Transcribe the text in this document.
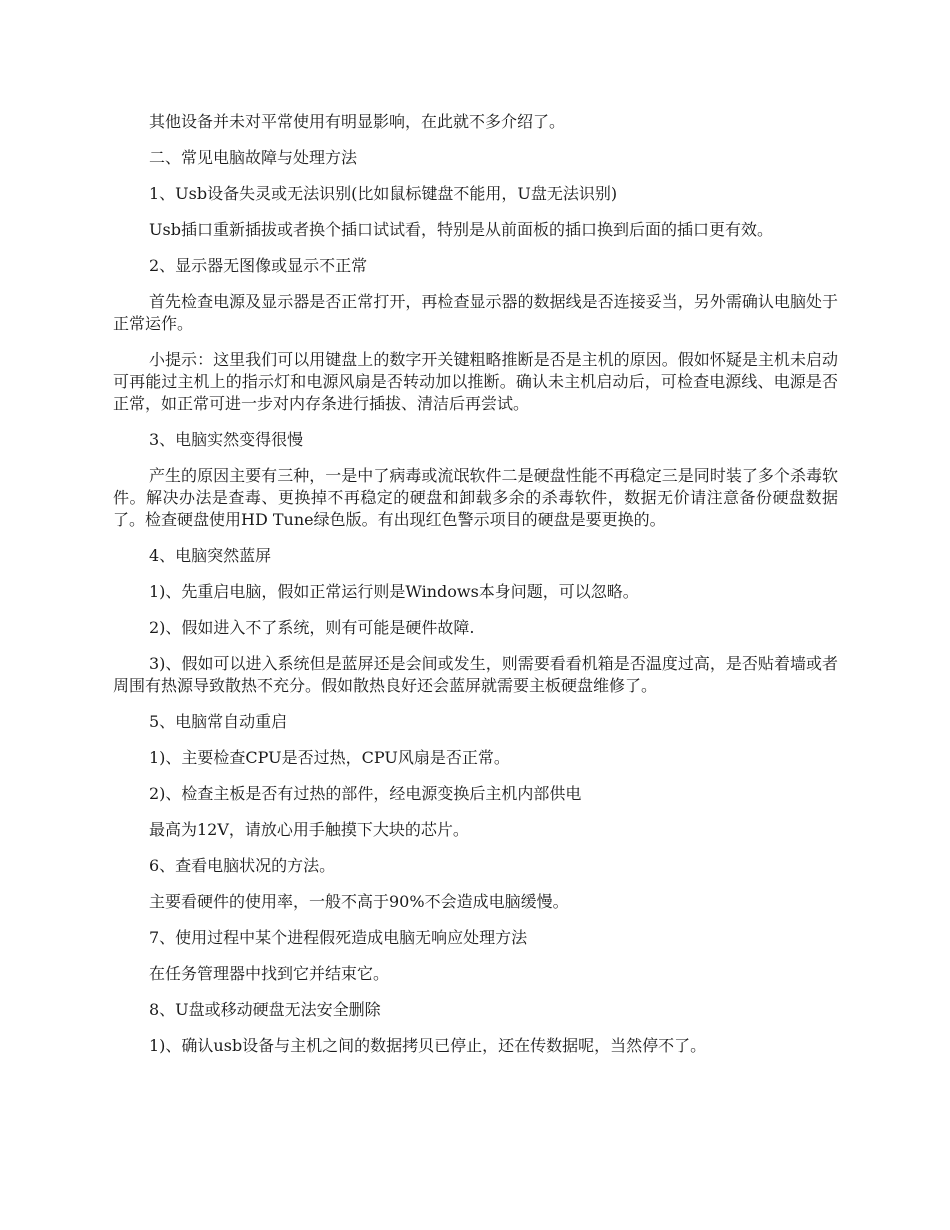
其他设备并未对平常使用有明显影响，在此就不多介绍了。

二、常见电脑故障与处理方法

1、Usb设备失灵或无法识别(比如鼠标键盘不能用，U盘无法识别)

Usb插口重新插拔或者换个插口试试看，特别是从前面板的插口换到后面的插口更有效。

2、显示器无图像或显示不正常

首先检查电源及显示器是否正常打开，再检查显示器的数据线是否连接妥当，另外需确认电脑处于正常运作。

小提示：这里我们可以用键盘上的数字开关键粗略推断是否是主机的原因。假如怀疑是主机未启动可再能过主机上的指示灯和电源风扇是否转动加以推断。确认未主机启动后，可检查电源线、电源是否正常，如正常可进一步对内存条进行插拔、清洁后再尝试。

3、电脑实然变得很慢

产生的原因主要有三种，一是中了病毒或流氓软件二是硬盘性能不再稳定三是同时装了多个杀毒软件。解决办法是查毒、更换掉不再稳定的硬盘和卸载多余的杀毒软件，数据无价请注意备份硬盘数据了。检查硬盘使用HD Tune绿色版。有出现红色警示项目的硬盘是要更换的。

4、电脑突然蓝屏

1)、先重启电脑，假如正常运行则是Windows本身问题，可以忽略。

2)、假如进入不了系统，则有可能是硬件故障.

3)、假如可以进入系统但是蓝屏还是会间或发生，则需要看看机箱是否温度过高，是否贴着墙或者周围有热源导致散热不充分。假如散热良好还会蓝屏就需要主板硬盘维修了。

5、电脑常自动重启

1)、主要检查CPU是否过热，CPU风扇是否正常。

2)、检查主板是否有过热的部件，经电源变换后主机内部供电

最高为12V，请放心用手触摸下大块的芯片。

6、查看电脑状况的方法。

主要看硬件的使用率，一般不高于90%不会造成电脑缓慢。

7、使用过程中某个进程假死造成电脑无响应处理方法

在任务管理器中找到它并结束它。

8、U盘或移动硬盘无法安全删除

1)、确认usb设备与主机之间的数据拷贝已停止，还在传数据呢，当然停不了。
